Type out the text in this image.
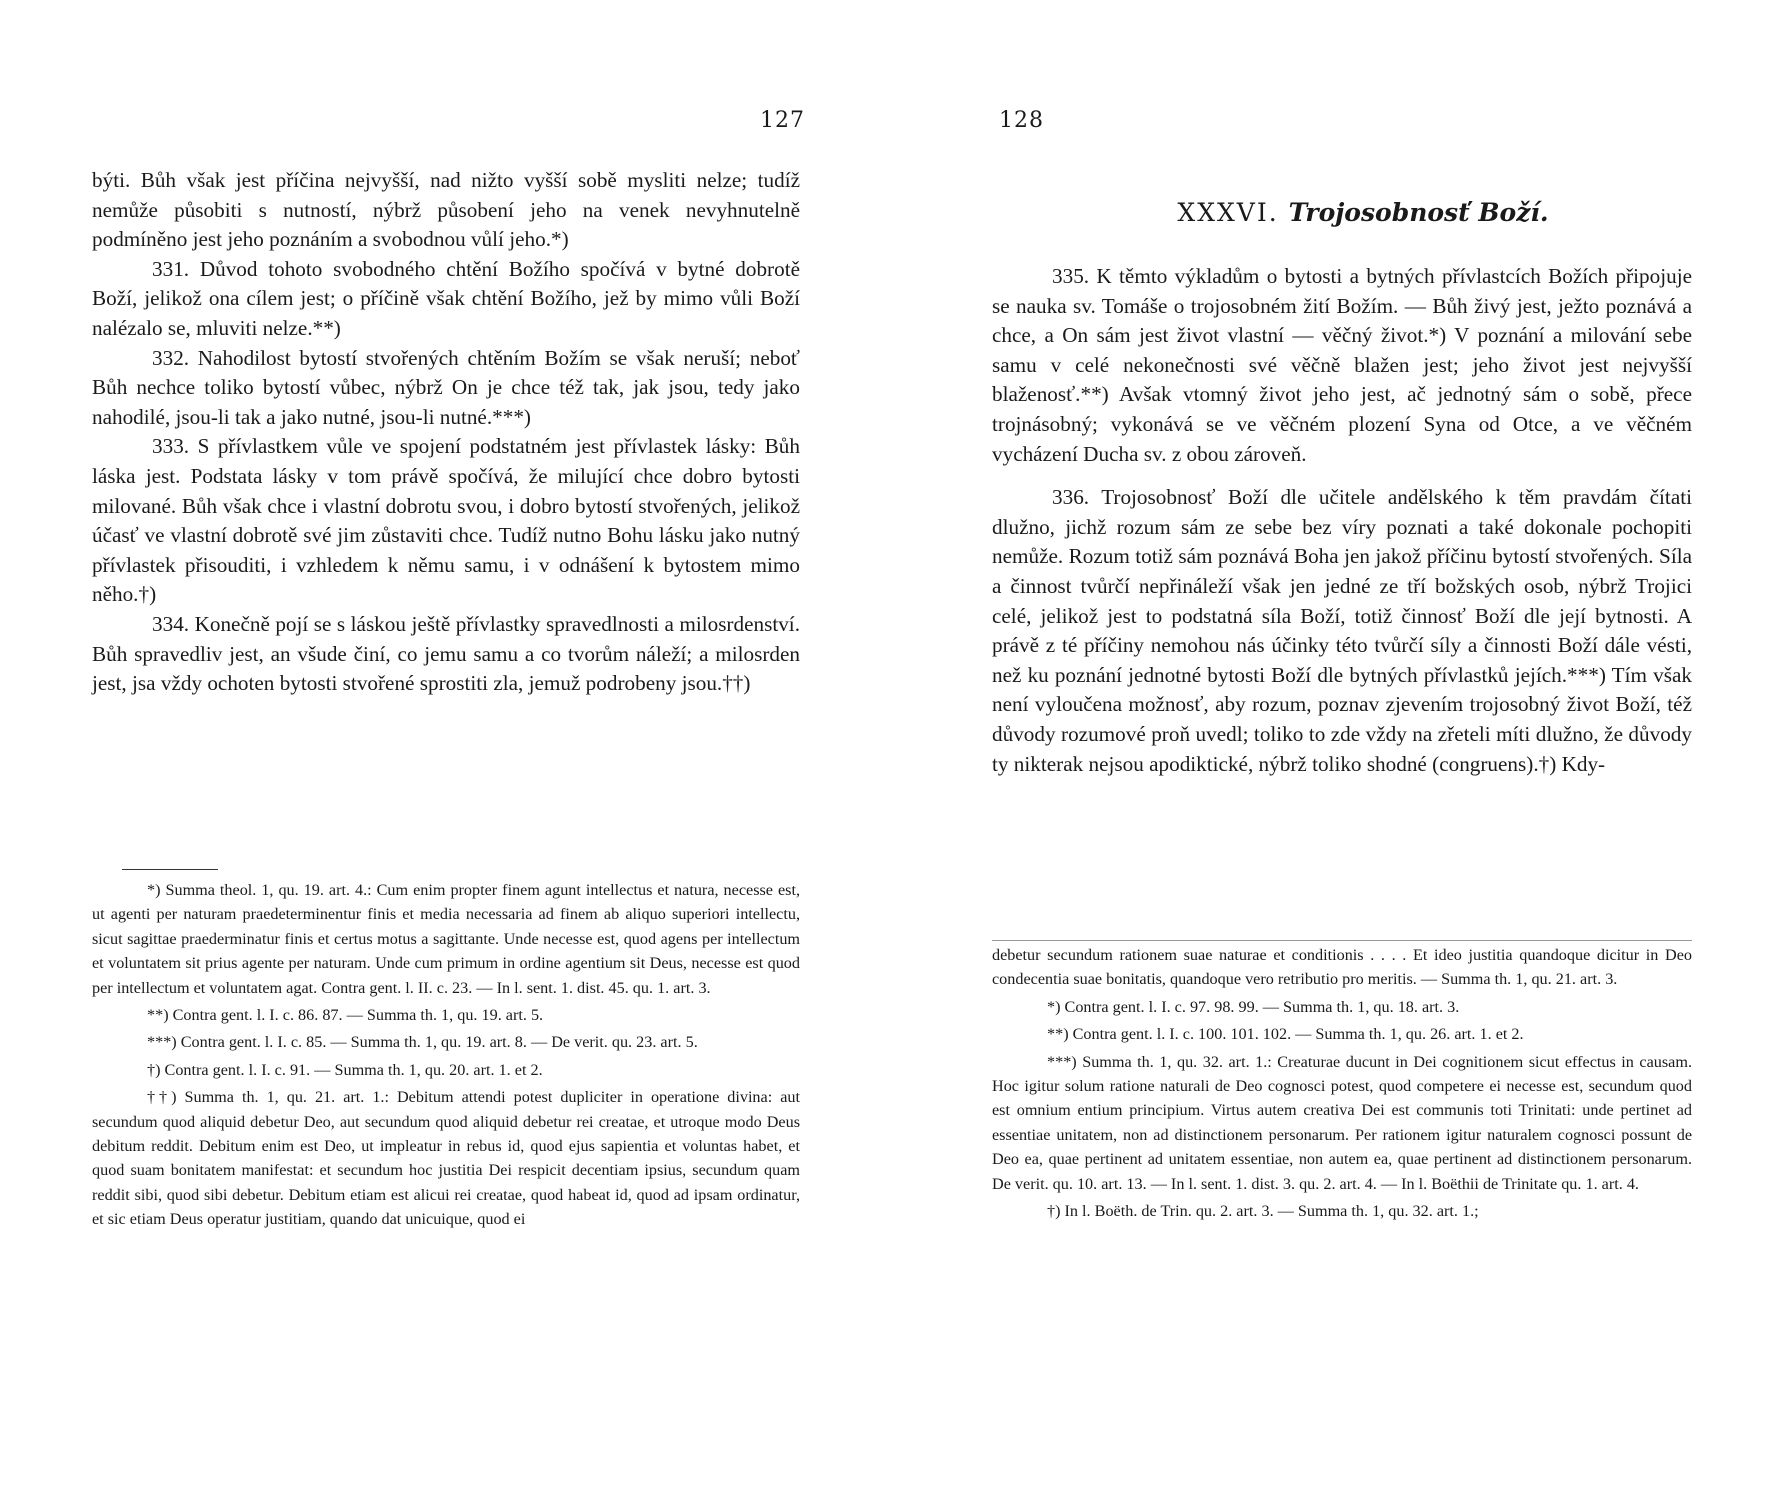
127

býti. Bůh však jest příčina nejvyšší, nad nižto vyšší sobě mysliti nelze; tudíž nemůže působiti s nutností, nýbrž působení jeho na venek nevyhnutelně podmíněno jest jeho poznáním a svobodnou vůlí jeho.*)

331. Důvod tohoto svobodného chtění Božího spočívá v bytné dobrotě Boží, jelikož ona cílem jest; o příčině však chtění Božího, jež by mimo vůli Boží nalézalo se, mluviti nelze.**)

332. Nahodilost bytostí stvořených chtěním Božím se však neruší; neboť Bůh nechce toliko bytostí vůbec, nýbrž On je chce též tak, jak jsou, tedy jako nahodilé, jsou-li tak a jako nutné, jsou-li nutné.***)

333. S přívlastkem vůle ve spojení podstatném jest přívlastek lásky: Bůh láska jest. Podstata lásky v tom právě spočívá, že milující chce dobro bytosti milované. Bůh však chce i vlastní dobrotu svou, i dobro bytostí stvořených, jelikož účasť ve vlastní dobrotě své jim zůstaviti chce. Tudíž nutno Bohu lásku jako nutný přívlastek přisouditi, i vzhledem k němu samu, i v odnášení k bytostem mimo něho.†)

334. Konečně pojí se s láskou ještě přívlastky spravedlnosti a milosrdenství. Bůh spravedliv jest, an všude činí, co jemu samu a co tvorům náleží; a milosrden jest, jsa vždy ochoten bytosti stvořené sprostiti zla, jemuž podrobeny jsou.††)

*) Summa theol. 1, qu. 19. art. 4.: Cum enim propter finem agunt intellectus et natura, necesse est, ut agenti per naturam praedeterminentur finis et media necessaria ad finem ab aliquo superiori intellectu, sicut sagittae praederminatur finis et certus motus a sagittante. Unde necesse est, quod agens per intellectum et voluntatem sit prius agente per naturam. Unde cum primum in ordine agentium sit Deus, necesse est quod per intellectum et voluntatem agat. Contra gent. l. II. c. 23. — In l. sent. 1. dist. 45. qu. 1. art. 3.

**) Contra gent. l. I. c. 86. 87. — Summa th. 1, qu. 19. art. 5.

***) Contra gent. l. I. c. 85. — Summa th. 1, qu. 19. art. 8. — De verit. qu. 23. art. 5.

†) Contra gent. l. I. c. 91. — Summa th. 1, qu. 20. art. 1. et 2.

††) Summa th. 1, qu. 21. art. 1.: Debitum attendi potest dupliciter in operatione divina: aut secundum quod aliquid debetur Deo, aut secundum quod aliquid debetur rei creatae, et utroque modo Deus debitum reddit. Debitum enim est Deo, ut impleatur in rebus id, quod ejus sapientia et voluntas habet, et quod suam bonitatem manifestat: et secundum hoc justitia Dei respicit decentiam ipsius, secundum quam reddit sibi, quod sibi debetur. Debitum etiam est alicui rei creatae, quod habeat id, quod ad ipsam ordinatur, et sic etiam Deus operatur justitiam, quando dat unicuique, quod ei

128
XXXVI. Trojosobnosť Boží.

335. K těmto výkladům o bytosti a bytných přívlastcích Božích připojuje se nauka sv. Tomáše o trojosobném žití Božím. — Bůh živý jest, ježto poznává a chce, a On sám jest život vlastní — věčný život.*) V poznání a milování sebe samu v celé nekonečnosti své věčně blažen jest; jeho život jest nejvyšší blaženosť.**) Avšak vtomný život jeho jest, ač jednotný sám o sobě, přece trojnásobný; vykonává se ve věčném plození Syna od Otce, a ve věčném vycházení Ducha sv. z obou zároveň.

336. Trojosobnosť Boží dle učitele andělského k těm pravdám čítati dlužno, jichž rozum sám ze sebe bez víry poznati a také dokonale pochopiti nemůže. Rozum totiž sám poznává Boha jen jakož příčinu bytostí stvořených. Síla a činnost tvůrčí nepřináleží však jen jedné ze tří božských osob, nýbrž Trojici celé, jelikož jest to podstatná síla Boží, totiž činnosť Boží dle její bytnosti. A právě z té příčiny nemohou nás účinky této tvůrčí síly a činnosti Boží dále vésti, než ku poznání jednotné bytosti Boží dle bytných přívlastků jejích.***) Tím však není vyloučena možnosť, aby rozum, poznav zjevením trojosobný život Boží, též důvody rozumové proň uvedl; toliko to zde vždy na zřeteli míti dlužno, že důvody ty nikterak nejsou apodiktické, nýbrž toliko shodné (congruens).†) Kdy-

debetur secundum rationem suae naturae et conditionis . . . . Et ideo justitia quandoque dicitur in Deo condecentia suae bonitatis, quandoque vero retributio pro meritis. — Summa th. 1, qu. 21. art. 3.

*) Contra gent. l. I. c. 97. 98. 99. — Summa th. 1, qu. 18. art. 3.

**) Contra gent. l. I. c. 100. 101. 102. — Summa th. 1, qu. 26. art. 1. et 2.

***) Summa th. 1, qu. 32. art. 1.: Creaturae ducunt in Dei cognitionem sicut effectus in causam. Hoc igitur solum ratione naturali de Deo cognosci potest, quod competere ei necesse est, secundum quod est omnium entium principium. Virtus autem creativa Dei est communis toti Trinitati: unde pertinet ad essentiae unitatem, non ad distinctionem personarum. Per rationem igitur naturalem cognosci possunt de Deo ea, quae pertinent ad unitatem essentiae, non autem ea, quae pertinent ad distinctionem personarum. De verit. qu. 10. art. 13. — In l. sent. 1. dist. 3. qu. 2. art. 4. — In l. Boëthii de Trinitate qu. 1. art. 4.

†) In l. Boëth. de Trin. qu. 2. art. 3. — Summa th. 1, qu. 32. art. 1.;
